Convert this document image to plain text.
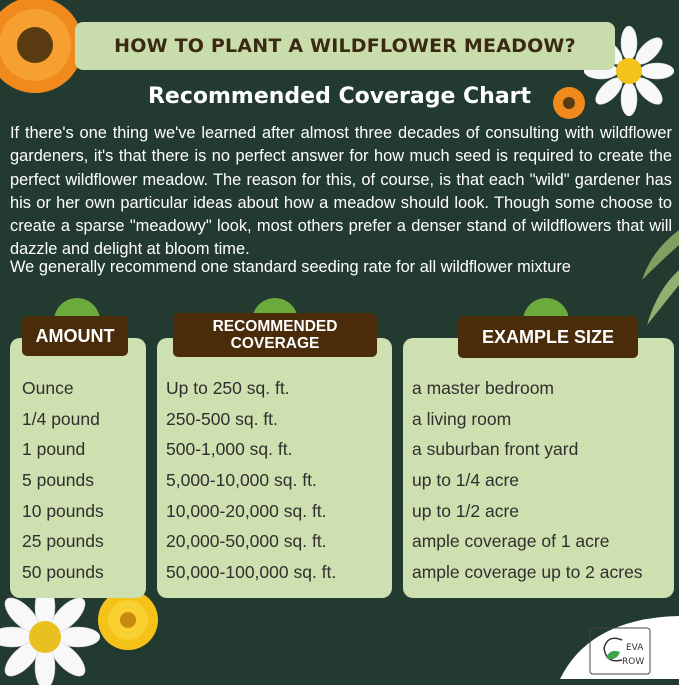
HOW TO PLANT A WILDFLOWER MEADOW?
Recommended Coverage Chart
If there's one thing we've learned after almost three decades of consulting with wildflower gardeners, it's that there is no perfect answer for how much seed is required to create the perfect wildflower meadow. The reason for this, of course, is that each "wild" gardener has his or her own particular ideas about how a meadow should look. Though some choose to create a sparse "meadowy" look, most others prefer a denser stand of wildflowers that will dazzle and delight at bloom time.
We generally recommend one standard seeding rate for all wildflower mixture
AMOUNT
Ounce
1/4 pound
1 pound
5 pounds
10 pounds
25 pounds
50 pounds
RECOMMENDED
COVERAGE
Up to 250 sq. ft.
250-500 sq. ft.
500-1,000 sq. ft.
5,000-10,000 sq. ft.
10,000-20,000 sq. ft.
20,000-50,000 sq. ft.
50,000-100,000 sq. ft.
EXAMPLE SIZE
a master bedroom
a living room
a suburban front yard
up to 1/4 acre
up to 1/2 acre
ample coverage of 1 acre
ample coverage up to 2 acres
EVA
ROW
